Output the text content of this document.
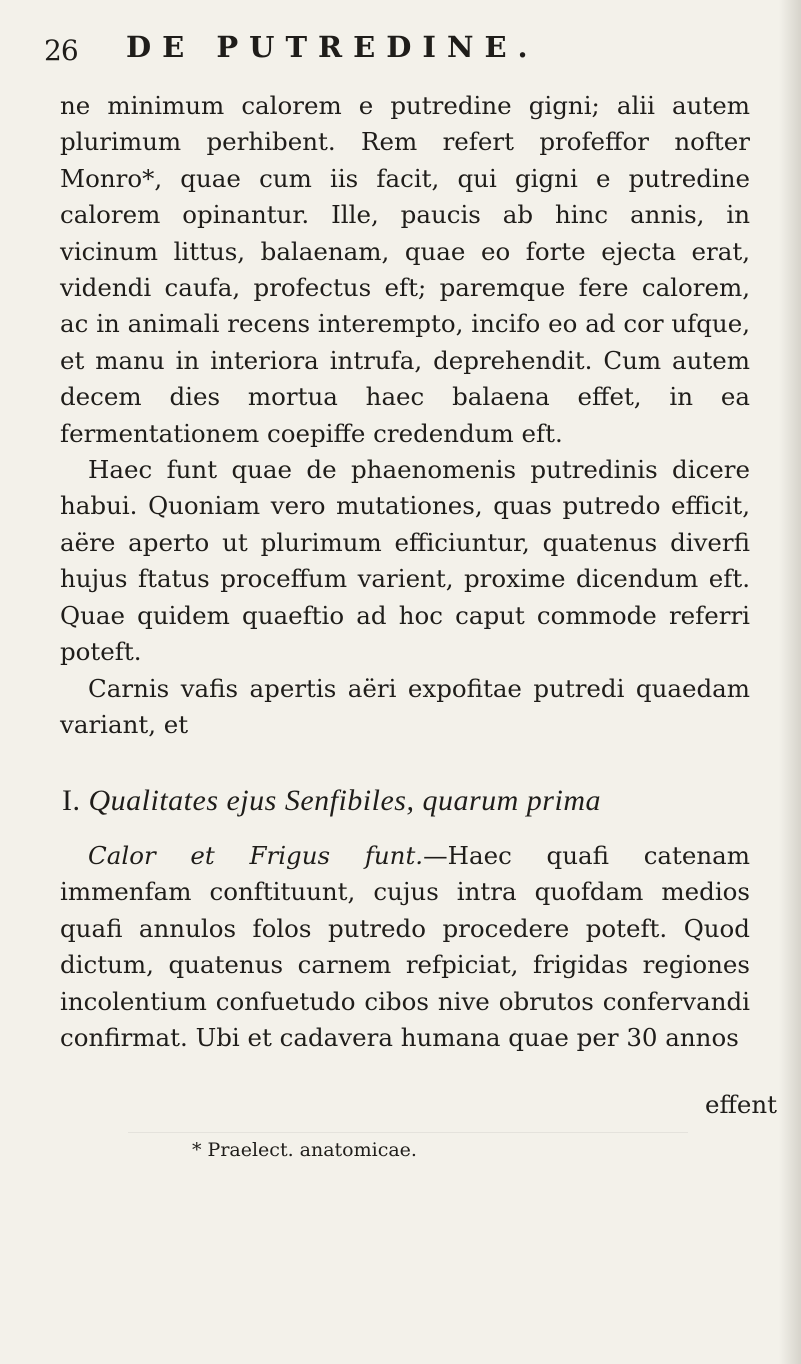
26 DE PUTREDINE.

ne minimum calorem e putredine gigni; alii autem plurimum perhibent. Rem refert profeffor nofter Monro*, quae cum iis facit, qui gigni e putredine calorem opinantur. Ille, paucis ab hinc annis, in vicinum littus, balaenam, quae eo forte ejecta erat, videndi caufa, profectus eft; paremque fere calorem, ac in animali recens interempto, incifo eo ad cor ufque, et manu in interiora intrufa, deprehendit. Cum autem decem dies mortua haec balaena effet, in ea fermentationem coepiffe credendum eft.

Haec funt quae de phaenomenis putredinis dicere habui. Quoniam vero mutationes, quas putredo efficit, aëre aperto ut plurimum efficiuntur, quatenus diverfi hujus ftatus proceffum varient, proxime dicendum eft. Quae quidem quaeftio ad hoc caput commode referri poteft.

Carnis vafis apertis aëri expofitae putredi quaedam variant, et

I. Qualitates ejus Senfibiles, quarum prima

Calor et Frigus funt.—Haec quafi catenam immenfam conftituunt, cujus intra quofdam medios quafi annulos folos putredo procedere poteft. Quod dictum, quatenus carnem refpiciat, frigidas regiones incolentium confuetudo cibos nive obrutos confervandi confirmat. Ubi et cadavera humana quae per 30 annos

effent
* Praelect. anatomicae.
